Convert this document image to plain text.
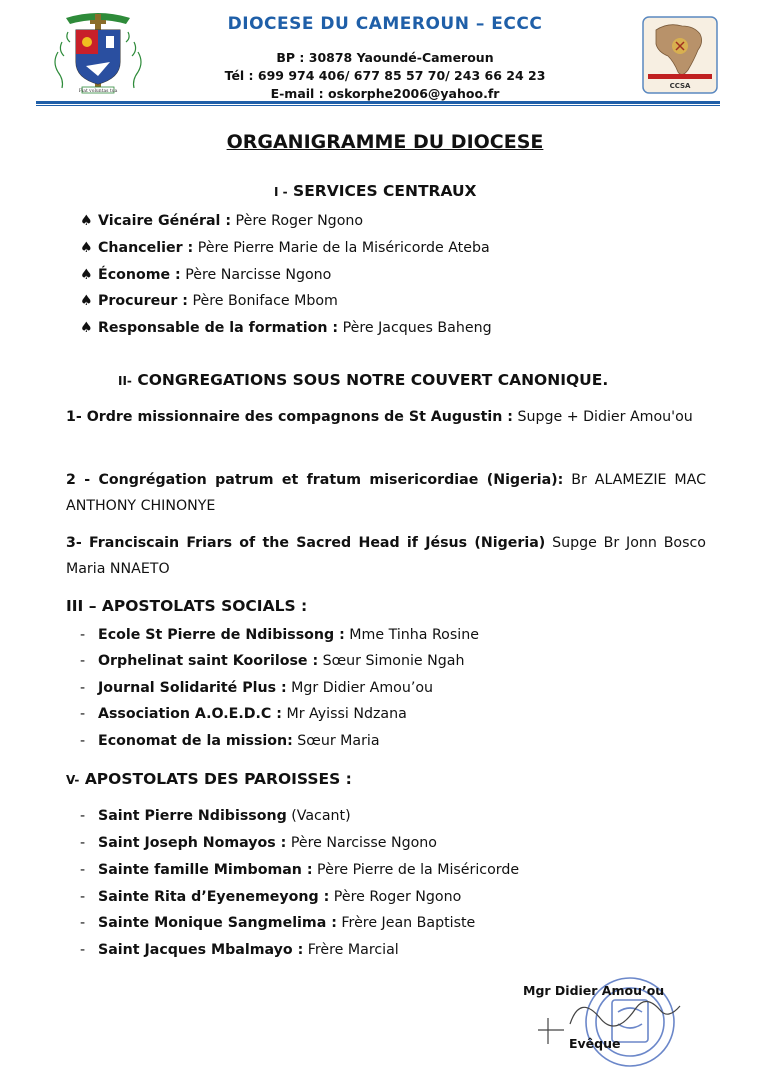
Fiat voluntas tua
DIOCESE DU CAMEROUN – ECCC
BP : 30878 Yaoundé-Cameroun
Tél : 699 974 406/ 677 85 57 70/ 243 66 24 23
E-mail : oskorphe2006@yahoo.fr	CCSA
ORGANIGRAMME DU DIOCESE
I - SERVICES CENTRAUX
♠ Vicaire Général : Père Roger Ngono
♠ Chancelier : Père Pierre Marie de la Miséricorde Ateba
♠ Économe : Père Narcisse Ngono
♠ Procureur : Père Boniface Mbom
♠ Responsable de la formation : Père Jacques Baheng
II- CONGREGATIONS SOUS NOTRE COUVERT CANONIQUE.
1- Ordre missionnaire des compagnons de St Augustin : Supge + Didier Amou'ou
2 - Congrégation patrum et fratum misericordiae (Nigeria): Br ALAMEZIE MAC ANTHONY CHINONYE
3- Franciscain Friars of the Sacred Head if Jésus (Nigeria) Supge Br Jonn Bosco Maria NNAETO
III – APOSTOLATS SOCIALS :
- Ecole St Pierre de Ndibissong : Mme Tinha Rosine
- Orphelinat saint Koorilose : Sœur Simonie Ngah
- Journal Solidarité Plus : Mgr Didier Amou’ou
- Association A.O.E.D.C : Mr Ayissi Ndzana
- Economat de la mission: Sœur Maria
V- APOSTOLATS DES PAROISSES :
- Saint Pierre Ndibissong (Vacant)
- Saint Joseph Nomayos : Père Narcisse Ngono
- Sainte famille Mimboman : Père Pierre de la Miséricorde
- Sainte Rita d’Eyenemeyong : Père Roger Ngono
- Sainte Monique Sangmelima : Frère Jean Baptiste
- Saint Jacques Mbalmayo : Frère Marcial
Mgr Didier Amou’ou
Evêque
